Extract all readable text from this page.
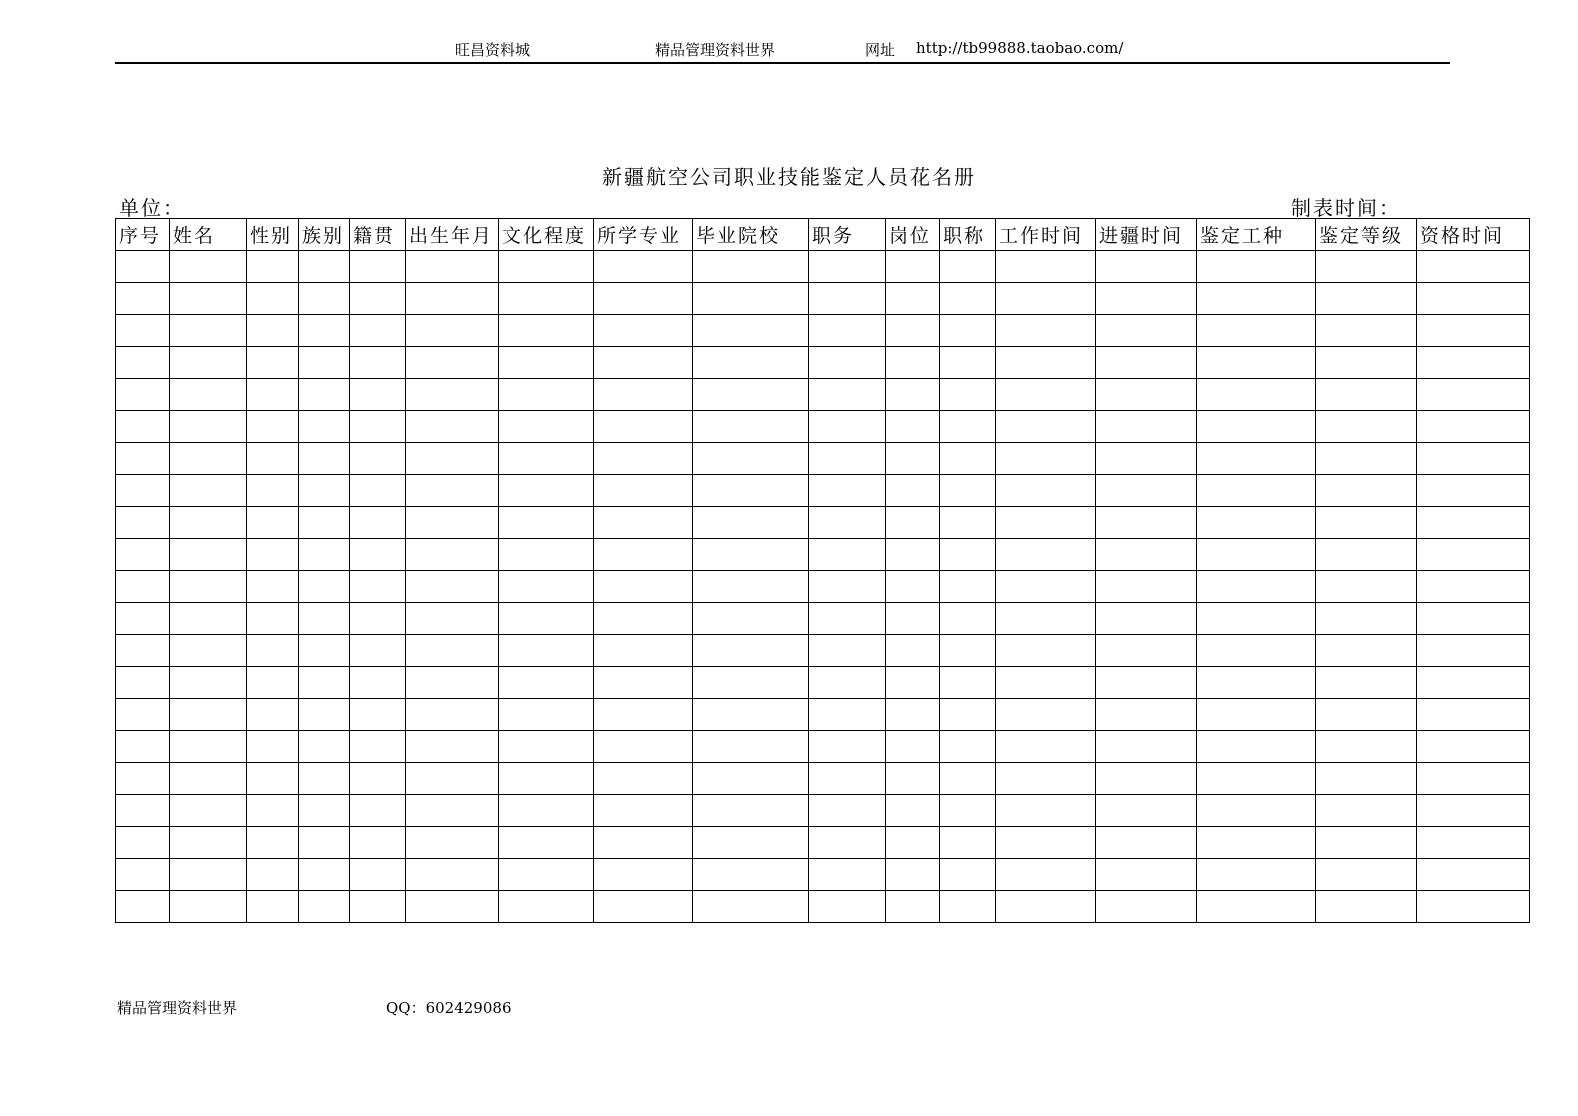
旺昌资料城	精品管理资料世界	网址 http://tb99888.taobao.com/
新疆航空公司职业技能鉴定人员花名册
单位：	制表时间：
序号	姓名	性别	族别	籍贯	出生年月	文化程度	所学专业	毕业院校	职务	岗位	职称	工作时间	进疆时间	鉴定工种	鉴定等级	资格时间

精品管理资料世界	QQ：602429086
